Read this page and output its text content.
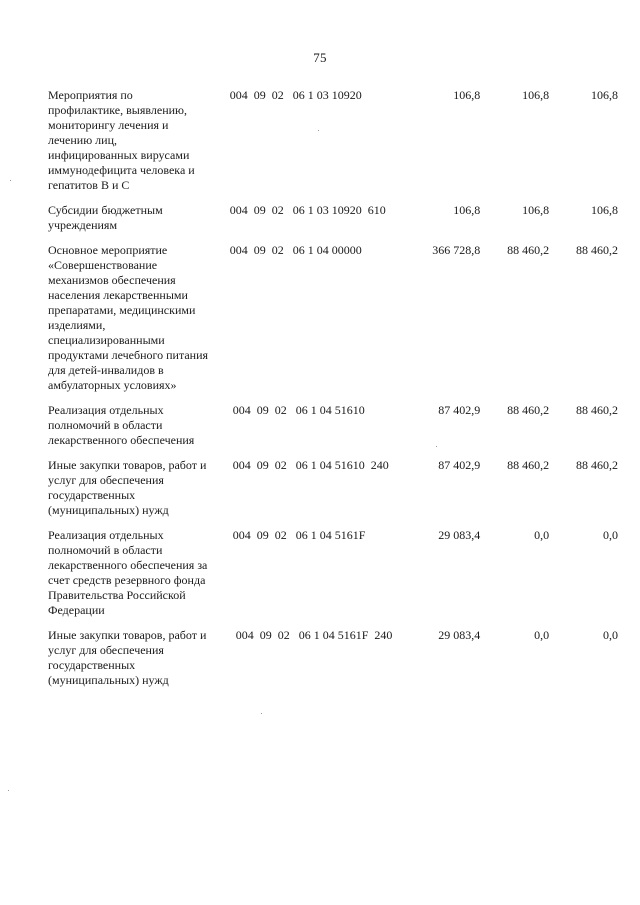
75
Мероприятия по
профилактике, выявлению,
мониторингу лечения и
лечению лиц,
инфицированных вирусами
иммунодефицита человека и
гепатитов В и С
004  09  02   06 1 03 10920	106,8	106,8	106,8
Субсидии бюджетным
учреждениям
004  09  02   06 1 03 10920  610	106,8	106,8	106,8
Основное мероприятие
«Совершенствование
механизмов обеспечения
населения лекарственными
препаратами, медицинскими
изделиями,
специализированными
продуктами лечебного питания
для детей-инвалидов в
амбулаторных условиях»
004  09  02   06 1 04 00000	366 728,8	88 460,2	88 460,2
Реализация отдельных
полномочий в области
лекарственного обеспечения
004  09  02   06 1 04 51610	87 402,9	88 460,2	88 460,2
Иные закупки товаров, работ и
услуг для обеспечения
государственных
(муниципальных) нужд
004  09  02   06 1 04 51610  240	87 402,9	88 460,2	88 460,2
Реализация отдельных
полномочий в области
лекарственного обеспечения за
счет средств резервного фонда
Правительства Российской
Федерации
004  09  02   06 1 04 5161F	29 083,4	0,0	0,0
Иные закупки товаров, работ и
услуг для обеспечения
государственных
(муниципальных) нужд
004  09  02   06 1 04 5161F  240	29 083,4	0,0	0,0
